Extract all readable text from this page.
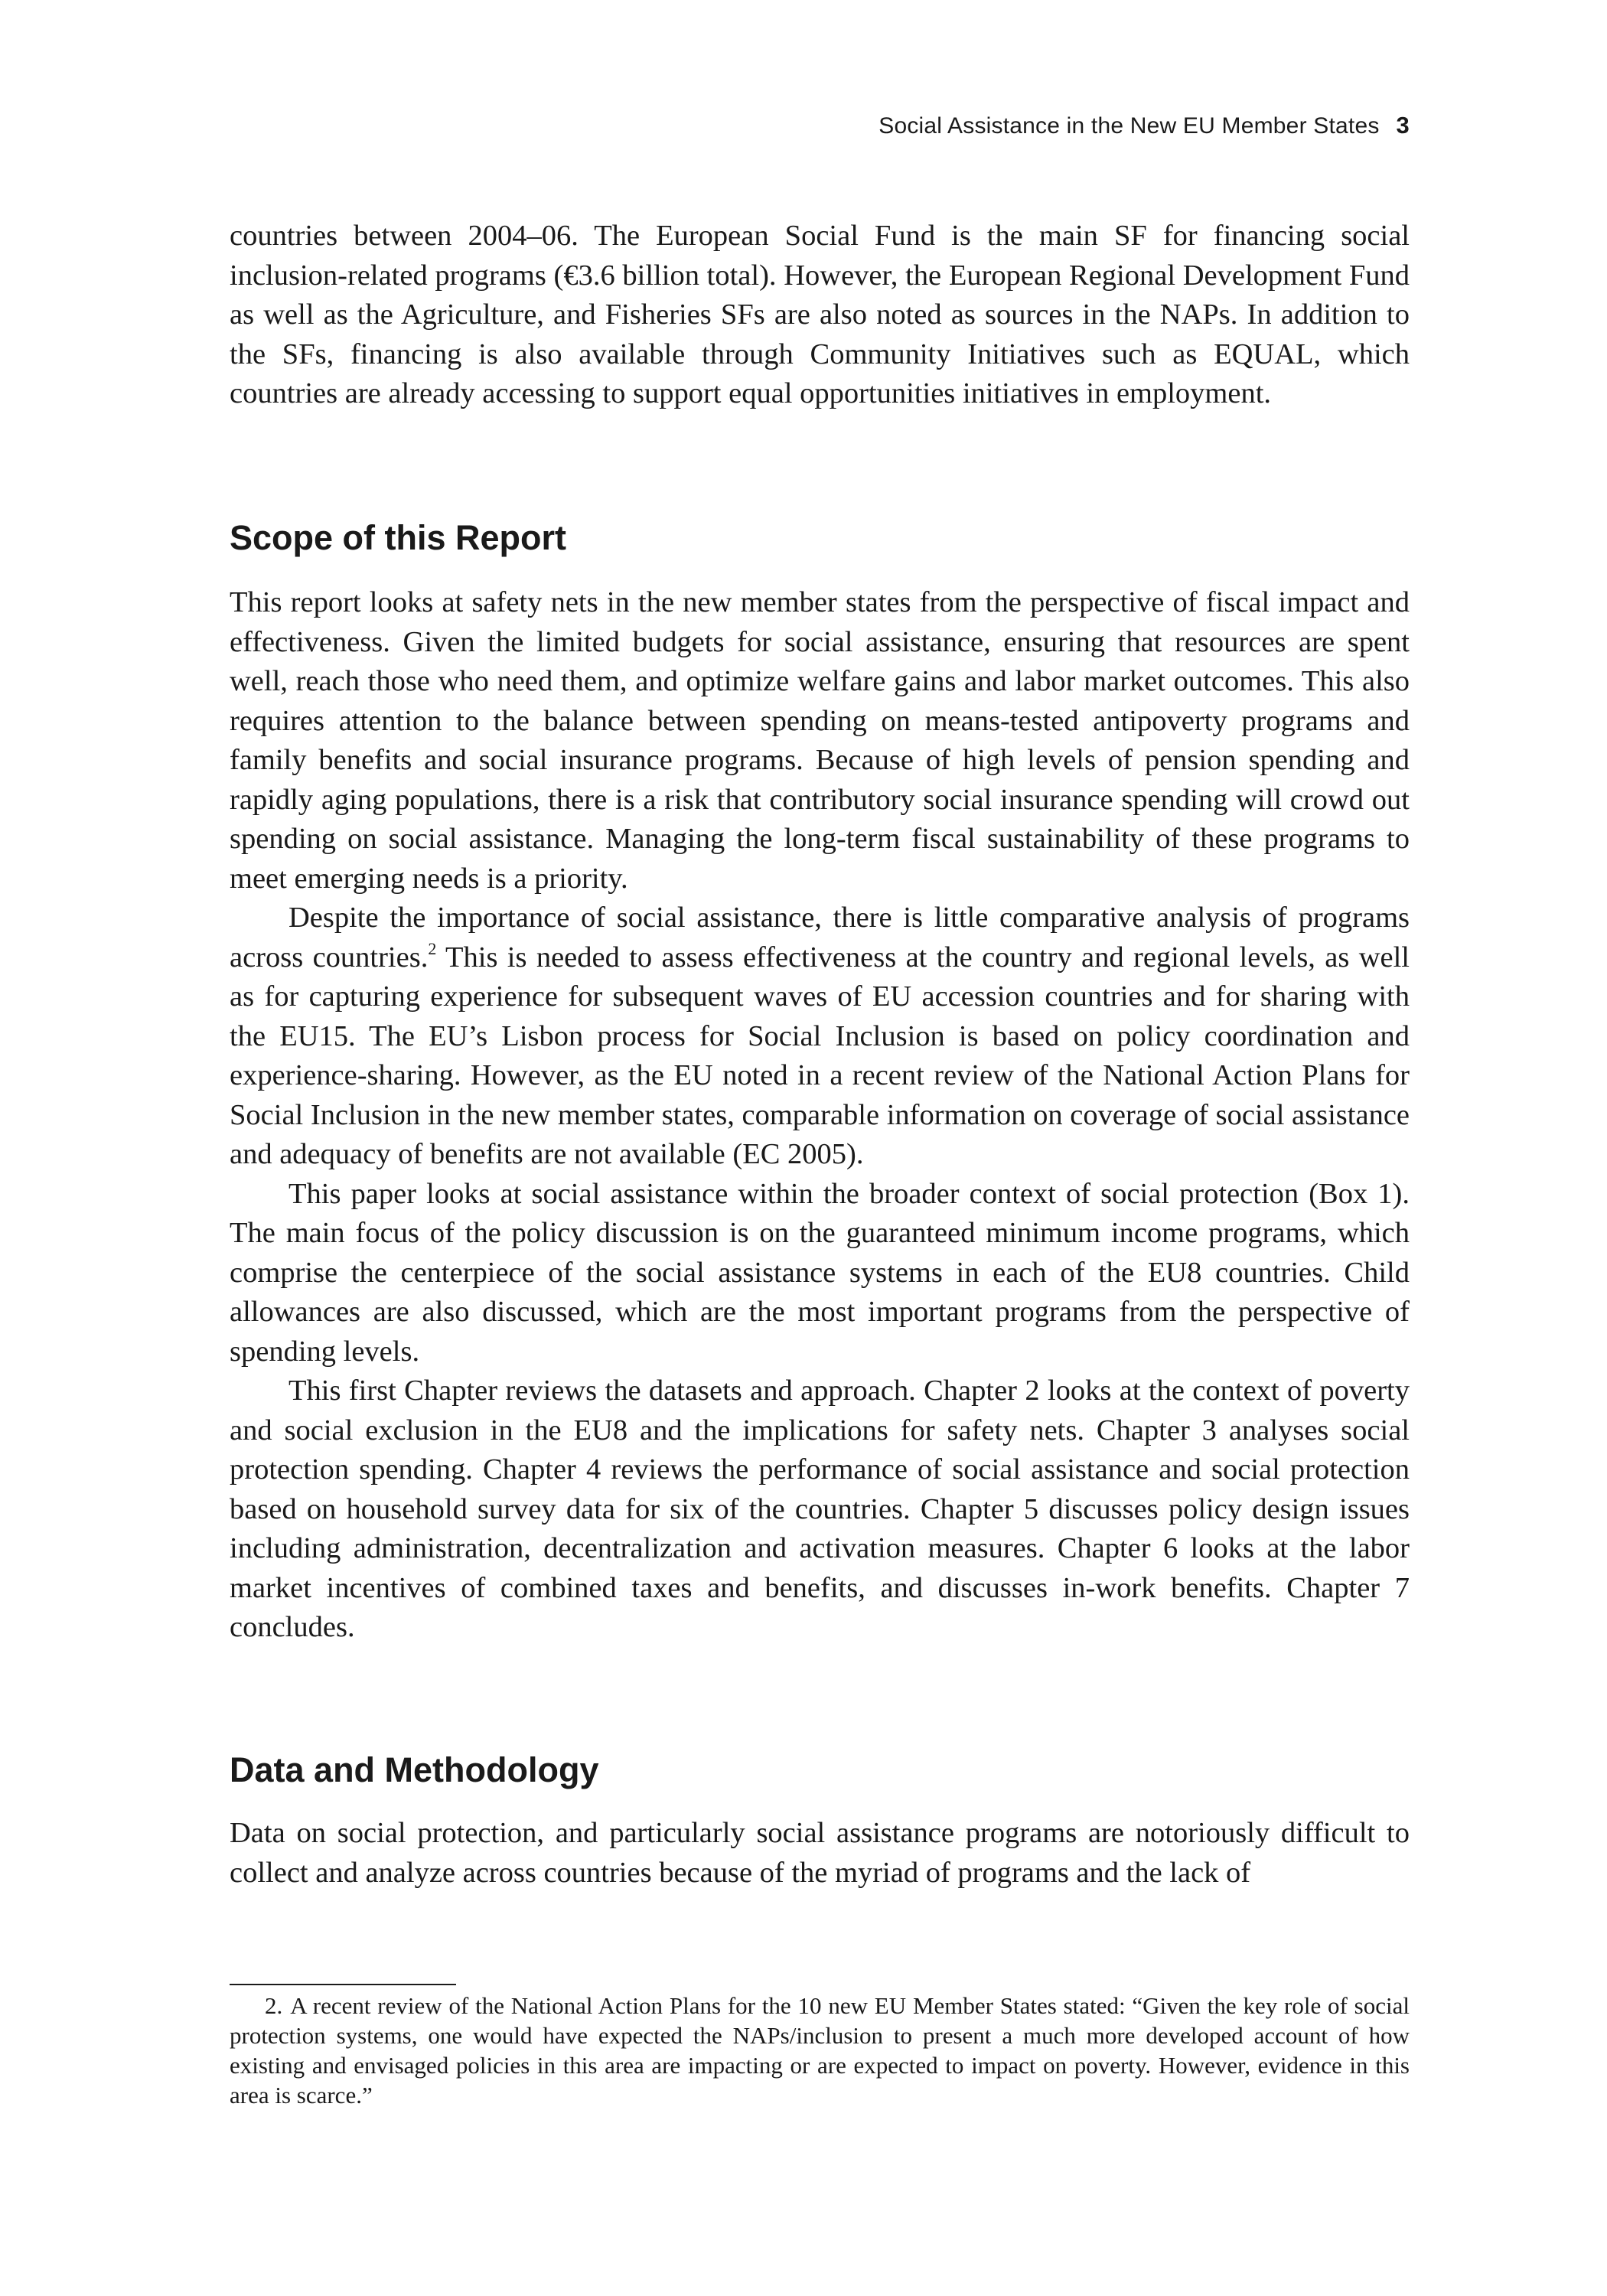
Social Assistance in the New EU Member States 3

countries between 2004–06. The European Social Fund is the main SF for financing social inclusion-related programs (€3.6 billion total). However, the European Regional Development Fund as well as the Agriculture, and Fisheries SFs are also noted as sources in the NAPs. In addition to the SFs, financing is also available through Community Initiatives such as EQUAL, which countries are already accessing to support equal opportunities initiatives in employment.

Scope of this Report

This report looks at safety nets in the new member states from the perspective of fiscal impact and effectiveness. Given the limited budgets for social assistance, ensuring that resources are spent well, reach those who need them, and optimize welfare gains and labor market outcomes. This also requires attention to the balance between spending on means-tested antipoverty programs and family benefits and social insurance programs. Because of high levels of pension spending and rapidly aging populations, there is a risk that contributory social insurance spending will crowd out spending on social assistance. Managing the long-term fiscal sustainability of these programs to meet emerging needs is a priority.

Despite the importance of social assistance, there is little comparative analysis of programs across countries.$^2$ This is needed to assess effectiveness at the country and regional levels, as well as for capturing experience for subsequent waves of EU accession countries and for sharing with the EU15. The EU’s Lisbon process for Social Inclusion is based on policy coordination and experience-sharing. However, as the EU noted in a recent review of the National Action Plans for Social Inclusion in the new member states, comparable information on coverage of social assistance and adequacy of benefits are not available (EC 2005).

This paper looks at social assistance within the broader context of social protection (Box 1). The main focus of the policy discussion is on the guaranteed minimum income programs, which comprise the centerpiece of the social assistance systems in each of the EU8 countries. Child allowances are also discussed, which are the most important programs from the perspective of spending levels.

This first Chapter reviews the datasets and approach. Chapter 2 looks at the context of poverty and social exclusion in the EU8 and the implications for safety nets. Chapter 3 analyses social protection spending. Chapter 4 reviews the performance of social assistance and social protection based on household survey data for six of the countries. Chapter 5 discusses policy design issues including administration, decentralization and activation measures. Chapter 6 looks at the labor market incentives of combined taxes and benefits, and discusses in-work benefits. Chapter 7 concludes.

Data and Methodology

Data on social protection, and particularly social assistance programs are notoriously difficult to collect and analyze across countries because of the myriad of programs and the lack of

2. A recent review of the National Action Plans for the 10 new EU Member States stated: “Given the key role of social protection systems, one would have expected the NAPs/inclusion to present a much more developed account of how existing and envisaged policies in this area are impacting or are expected to impact on poverty. However, evidence in this area is scarce.”
